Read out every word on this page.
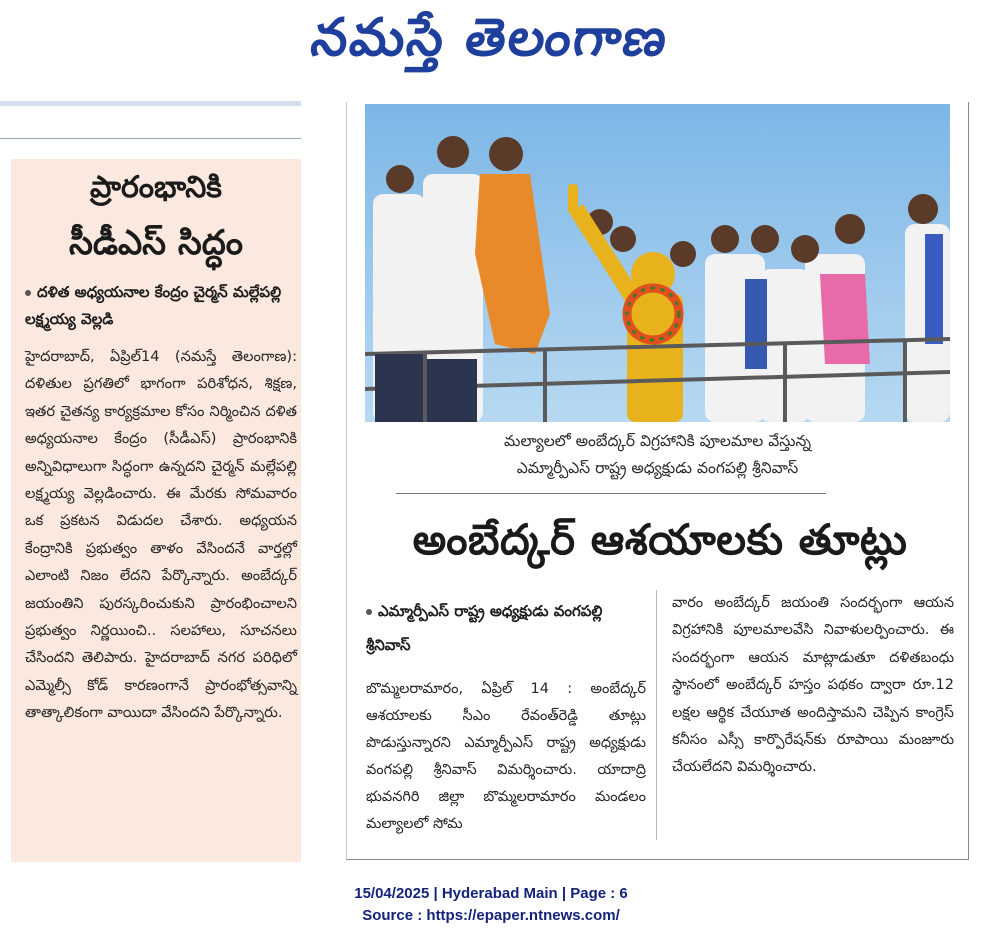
నమస్తే తెలంగాణ
ప్రారంభానికి
సీడీఎస్ సిద్ధం
దళిత అధ్యయనాల కేంద్రం చైర్మన్ మల్లేపల్లి లక్ష్మయ్య వెల్లడి
హైదరాబాద్, ఏప్రిల్14 (నమస్తే తెలంగాణ): దళితుల ప్రగతిలో భాగంగా పరిశోధన, శిక్షణ, ఇతర చైతన్య కార్యక్రమాల కోసం నిర్మించిన దళిత అధ్యయనాల కేంద్రం (సీడీఎస్) ప్రారంభానికి అన్నివిధాలుగా సిద్ధంగా ఉన్నదని చైర్మన్ మల్లేపల్లి లక్ష్మయ్య వెల్లడించారు. ఈ మేరకు సోమవారం ఒక ప్రకటన విడుదల చేశారు. అధ్యయన కేంద్రానికి ప్రభుత్వం తాళం వేసిందనే వార్తల్లో ఎలాంటి నిజం లేదని పేర్కొన్నారు. అంబేద్కర్ జయంతిని పురస్కరించుకుని ప్రారంభించాలని ప్రభుత్వం నిర్ణయించి.. సలహాలు, సూచనలు చేసిందని తెలిపారు. హైదరాబాద్ నగర పరిధిలో ఎమ్మెల్సీ కోడ్ కారణంగానే ప్రారంభోత్సవాన్ని తాత్కాలికంగా వాయిదా వేసిందని పేర్కొన్నారు.
మల్యాలలో అంబేద్కర్ విగ్రహానికి పూలమాల వేస్తున్న
ఎమ్మార్పీఎస్ రాష్ట్ర అధ్యక్షుడు వంగపల్లి శ్రీనివాస్
అంబేద్కర్ ఆశయాలకు తూట్లు
ఎమ్మార్పీఎస్ రాష్ట్ర అధ్యక్షుడు వంగపల్లి శ్రీనివాస్
బొమ్మలరామారం, ఏప్రిల్ 14 : అంబేద్కర్ ఆశయాలకు సీఎం రేవంత్‌రెడ్డి తూట్లు పొడుస్తున్నారని ఎమ్మార్పీఎస్ రాష్ట్ర అధ్యక్షుడు వంగపల్లి శ్రీనివాస్ విమర్శించారు. యాదాద్రి భువనగిరి జిల్లా బొమ్మలరామారం మండలం మల్యాలలో సోమ
వారం అంబేద్కర్ జయంతి సందర్భంగా ఆయన విగ్రహానికి పూలమాలవేసి నివాళులర్పించారు. ఈ సందర్భంగా ఆయన మాట్లాడుతూ దళితబంధు స్థానంలో అంబేద్కర్ హస్తం పథకం ద్వారా రూ.12 లక్షల ఆర్థిక చేయూత అందిస్తామని చెప్పిన కాంగ్రెస్ కనీసం ఎస్సీ కార్పొరేషన్‌కు రూపాయి మంజూరు చేయలేదని విమర్శించారు.
15/04/2025 | Hyderabad Main | Page : 6
Source : https://epaper.ntnews.com/
